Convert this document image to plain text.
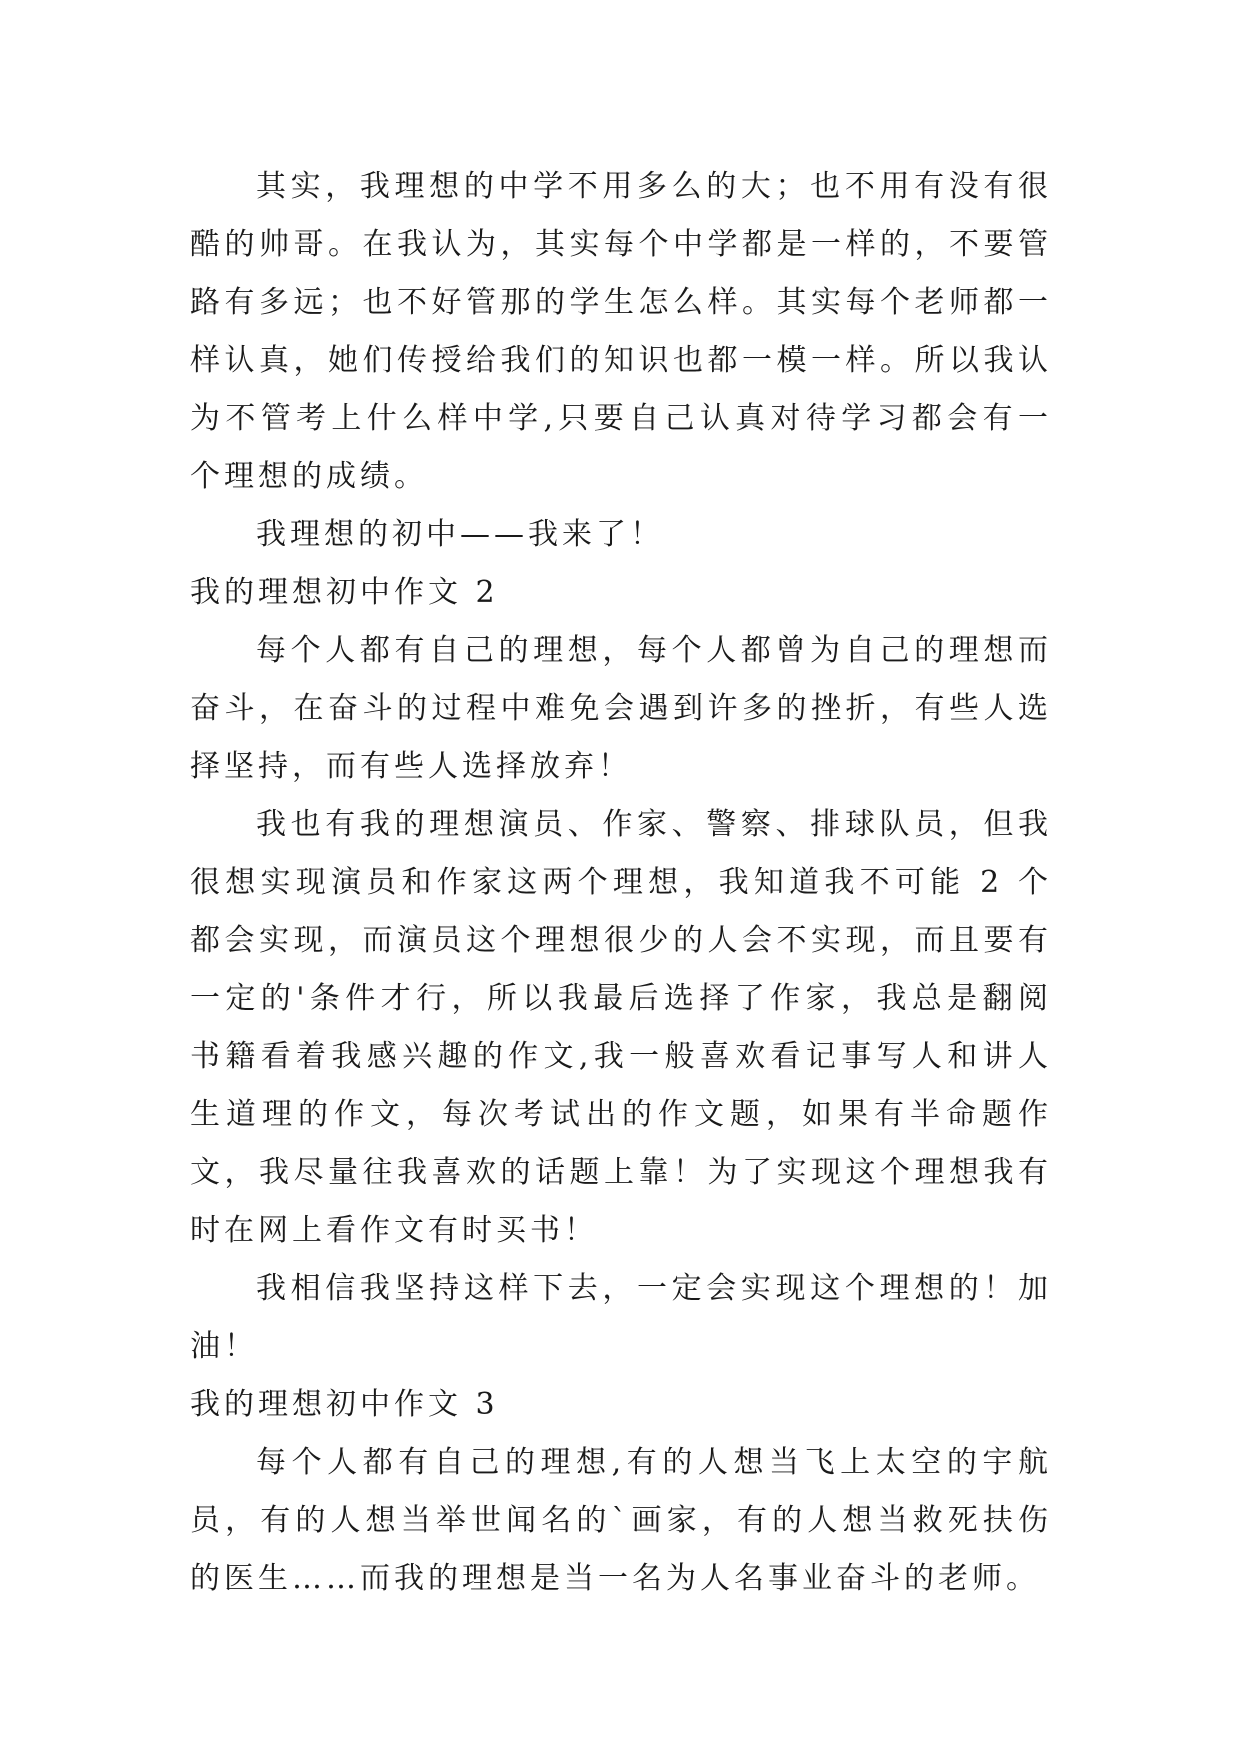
其实，我理想的中学不用多么的大；也不用有没有很酷的帅哥。在我认为，其实每个中学都是一样的，不要管路有多远；也不好管那的学生怎么样。其实每个老师都一样认真，她们传授给我们的知识也都一模一样。所以我认为不管考上什么样中学,只要自己认真对待学习都会有一个理想的成绩。

我理想的初中——我来了！

我的理想初中作文 2

每个人都有自己的理想，每个人都曾为自己的理想而奋斗，在奋斗的过程中难免会遇到许多的挫折，有些人选择坚持，而有些人选择放弃！

我也有我的理想演员、作家、警察、排球队员，但我很想实现演员和作家这两个理想，我知道我不可能 2 个都会实现，而演员这个理想很少的人会不实现，而且要有一定的'条件才行，所以我最后选择了作家，我总是翻阅书籍看着我感兴趣的作文,我一般喜欢看记事写人和讲人生道理的作文，每次考试出的作文题，如果有半命题作文，我尽量往我喜欢的话题上靠！为了实现这个理想我有时在网上看作文有时买书！

我相信我坚持这样下去，一定会实现这个理想的！加油！

我的理想初中作文 3

每个人都有自己的理想,有的人想当飞上太空的宇航员，有的人想当举世闻名的`画家，有的人想当救死扶伤的医生……而我的理想是当一名为人名事业奋斗的老师。
